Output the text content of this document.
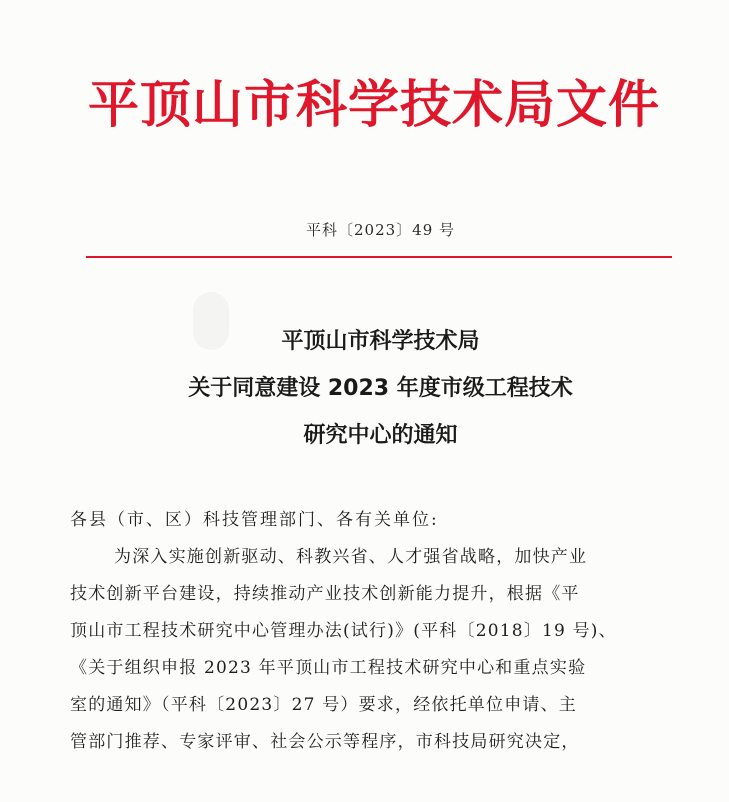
平顶山市科学技术局文件
平科〔2023〕49 号
平顶山市科学技术局
关于同意建设 2023 年度市级工程技术
研究中心的通知
各县（市、区）科技管理部门、各有关单位:
为深入实施创新驱动、科教兴省、人才强省战略，加快产业
技术创新平台建设，持续推动产业技术创新能力提升，根据《平
顶山市工程技术研究中心管理办法(试行)》(平科〔2018〕19 号)、
《关于组织申报 2023 年平顶山市工程技术研究中心和重点实验
室的通知》（平科〔2023〕27 号）要求，经依托单位申请、主
管部门推荐、专家评审、社会公示等程序，市科技局研究决定，
